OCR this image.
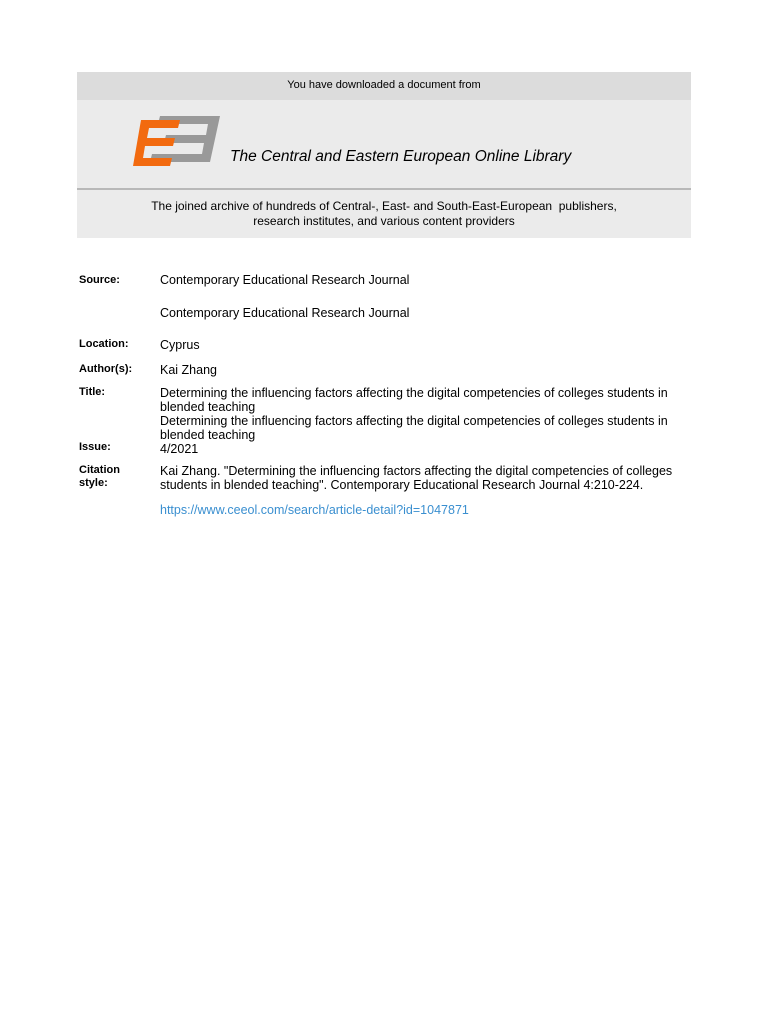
You have downloaded a document from
The Central and Eastern European Online Library
The joined archive of hundreds of Central-, East- and South-East-European  publishers,
research institutes, and various content providers
Source:	Contemporary Educational Research Journal
Contemporary Educational Research Journal
Location:	Cyprus
Author(s): Kai Zhang
Title:	Determining the influencing factors affecting the digital competencies of colleges students in
blended teaching
Determining the influencing factors affecting the digital competencies of colleges students in
blended teaching
Issue:	4/2021
Citation
style:
Kai Zhang. "Determining the influencing factors affecting the digital competencies of colleges
students in blended teaching". Contemporary Educational Research Journal 4:210-224.
https://www.ceeol.com/search/article-detail?id=1047871
